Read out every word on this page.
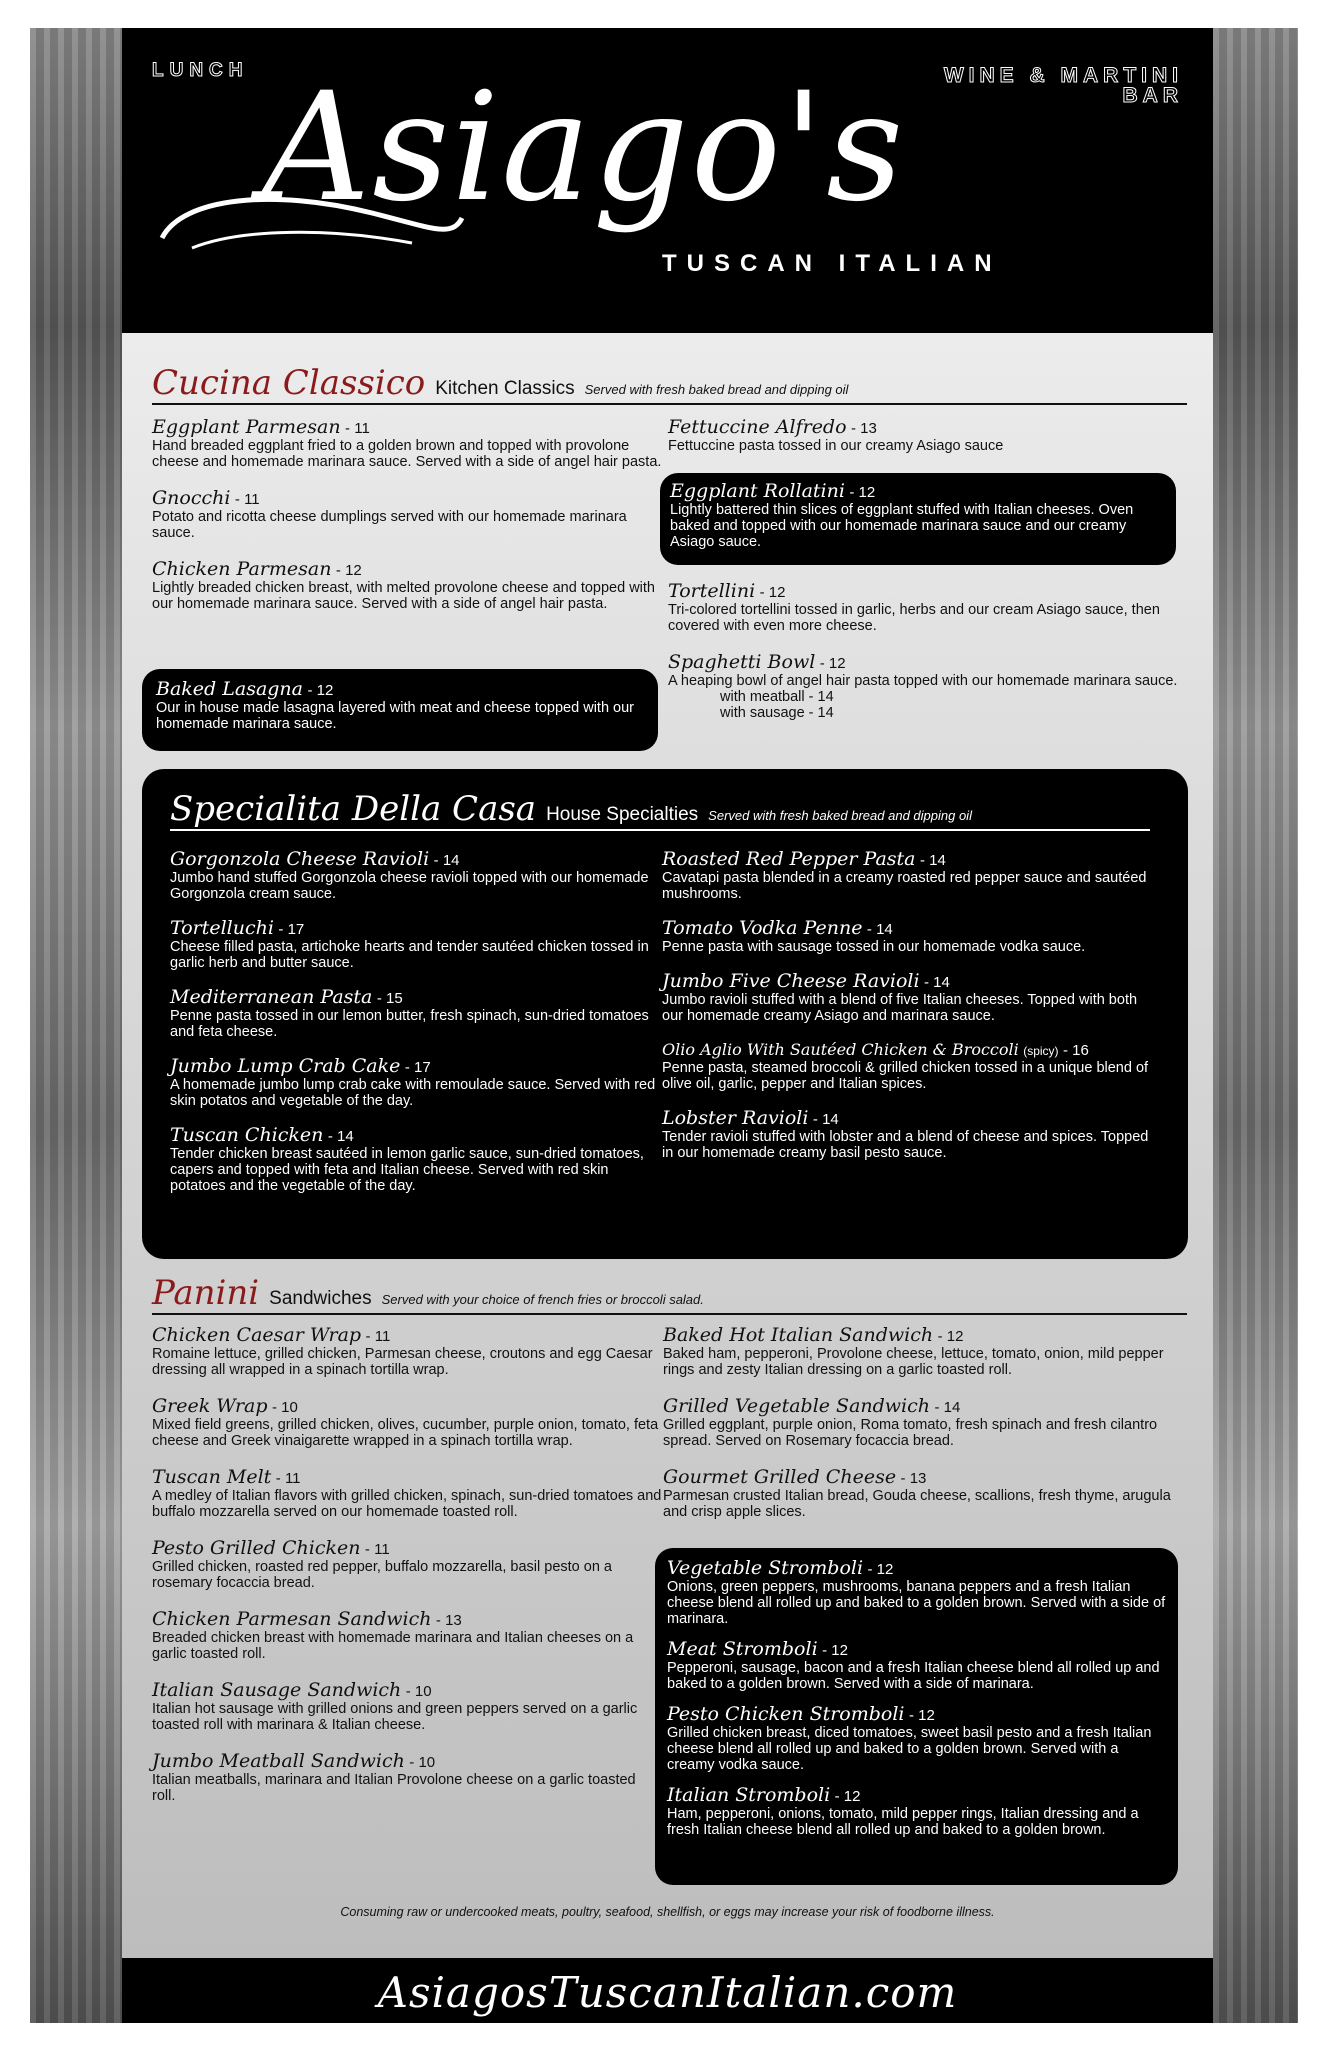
LUNCH	WINE & MARTINI
BAR
Asiago's
TUSCAN ITALIAN
Cucina Classico Kitchen Classics Served with fresh baked bread and dipping oil
Eggplant Parmesan - 11
Hand breaded eggplant fried to a golden brown and topped with provolone cheese and homemade marinara sauce. Served with a side of angel hair pasta.
Gnocchi - 11
Potato and ricotta cheese dumplings served with our homemade marinara sauce.
Chicken Parmesan - 12
Lightly breaded chicken breast, with melted provolone cheese and topped with our homemade marinara sauce. Served with a side of angel hair pasta.
Baked Lasagna - 12
Our in house made lasagna layered with meat and cheese topped with our homemade marinara sauce.
Fettuccine Alfredo - 13
Fettuccine pasta tossed in our creamy Asiago sauce
Eggplant Rollatini - 12
Lightly battered thin slices of eggplant stuffed with Italian cheeses. Oven baked and topped with our homemade marinara sauce and our creamy Asiago sauce.
Tortellini - 12
Tri-colored tortellini tossed in garlic, herbs and our cream Asiago sauce, then covered with even more cheese.
Spaghetti Bowl - 12
A heaping bowl of angel hair pasta topped with our homemade marinara sauce.
with meatball - 14
with sausage - 14
Specialita Della Casa House Specialties Served with fresh baked bread and dipping oil
Gorgonzola Cheese Ravioli - 14
Jumbo hand stuffed Gorgonzola cheese ravioli topped with our homemade Gorgonzola cream sauce.
Tortelluchi - 17
Cheese filled pasta, artichoke hearts and tender sautéed chicken tossed in garlic herb and butter sauce.
Mediterranean Pasta - 15
Penne pasta tossed in our lemon butter, fresh spinach, sun-dried tomatoes and feta cheese.
Jumbo Lump Crab Cake - 17
A homemade jumbo lump crab cake with remoulade sauce. Served with red skin potatos and vegetable of the day.
Tuscan Chicken - 14
Tender chicken breast sautéed in lemon garlic sauce, sun-dried tomatoes, capers and topped with feta and Italian cheese. Served with red skin potatoes and the vegetable of the day.
Roasted Red Pepper Pasta - 14
Cavatapi pasta blended in a creamy roasted red pepper sauce and sautéed mushrooms.
Tomato Vodka Penne - 14
Penne pasta with sausage tossed in our homemade vodka sauce.
Jumbo Five Cheese Ravioli - 14
Jumbo ravioli stuffed with a blend of five Italian cheeses. Topped with both our homemade creamy Asiago and marinara sauce.
Olio Aglio With Sautéed Chicken & Broccoli (spicy) - 16
Penne pasta, steamed broccoli & grilled chicken tossed in a unique blend of olive oil, garlic, pepper and Italian spices.
Lobster Ravioli - 14
Tender ravioli stuffed with lobster and a blend of cheese and spices. Topped in our homemade creamy basil pesto sauce.
Panini Sandwiches Served with your choice of french fries or broccoli salad.
Chicken Caesar Wrap - 11
Romaine lettuce, grilled chicken, Parmesan cheese, croutons and egg Caesar dressing all wrapped in a spinach tortilla wrap.
Greek Wrap - 10
Mixed field greens, grilled chicken, olives, cucumber, purple onion, tomato, feta cheese and Greek vinaigarette wrapped in a spinach tortilla wrap.
Tuscan Melt - 11
A medley of Italian flavors with grilled chicken, spinach, sun-dried tomatoes and buffalo mozzarella served on our homemade toasted roll.
Pesto Grilled Chicken - 11
Grilled chicken, roasted red pepper, buffalo mozzarella, basil pesto on a rosemary focaccia bread.
Chicken Parmesan Sandwich - 13
Breaded chicken breast with homemade marinara and Italian cheeses on a garlic toasted roll.
Italian Sausage Sandwich - 10
Italian hot sausage with grilled onions and green peppers served on a garlic toasted roll with marinara & Italian cheese.
Jumbo Meatball Sandwich - 10
Italian meatballs, marinara and Italian Provolone cheese on a garlic toasted roll.
Baked Hot Italian Sandwich - 12
Baked ham, pepperoni, Provolone cheese, lettuce, tomato, onion, mild pepper rings and zesty Italian dressing on a garlic toasted roll.
Grilled Vegetable Sandwich - 14
Grilled eggplant, purple onion, Roma tomato, fresh spinach and fresh cilantro spread. Served on Rosemary focaccia bread.
Gourmet Grilled Cheese - 13
Parmesan crusted Italian bread, Gouda cheese, scallions, fresh thyme, arugula and crisp apple slices.
Vegetable Stromboli - 12
Onions, green peppers, mushrooms, banana peppers and a fresh Italian cheese blend all rolled up and baked to a golden brown. Served with a side of marinara.
Meat Stromboli - 12
Pepperoni, sausage, bacon and a fresh Italian cheese blend all rolled up and baked to a golden brown. Served with a side of marinara.
Pesto Chicken Stromboli - 12
Grilled chicken breast, diced tomatoes, sweet basil pesto and a fresh Italian cheese blend all rolled up and baked to a golden brown. Served with a creamy vodka sauce.
Italian Stromboli - 12
Ham, pepperoni, onions, tomato, mild pepper rings, Italian dressing and a fresh Italian cheese blend all rolled up and baked to a golden brown.
Consuming raw or undercooked meats, poultry, seafood, shellfish, or eggs may increase your risk of foodborne illness.
AsiagosTuscanItalian.com
